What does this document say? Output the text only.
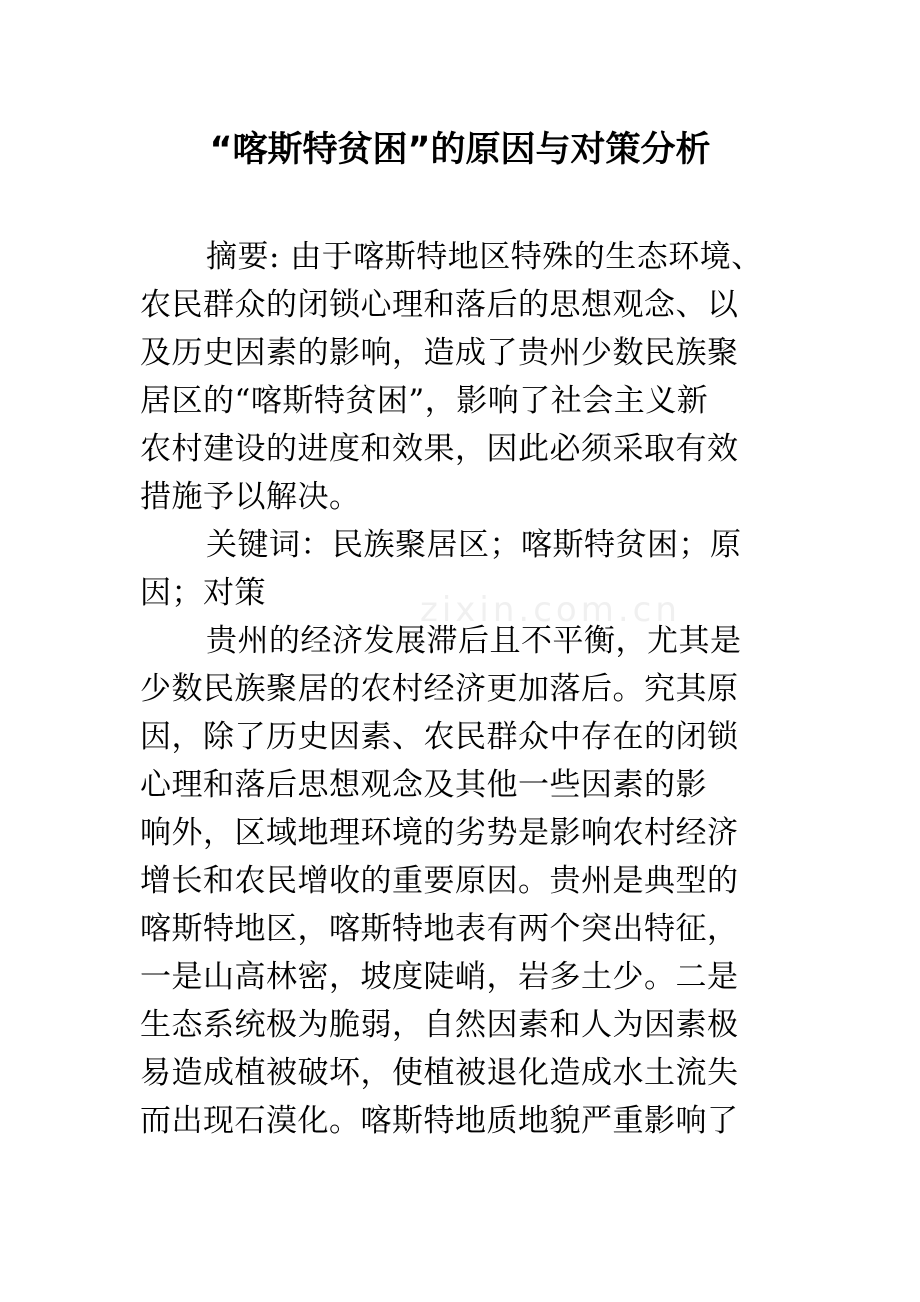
“喀斯特贫困”的原因与对策分析
zixin.com.cn
摘要: 由于喀斯特地区特殊的生态环境、
农民群众的闭锁心理和落后的思想观念、以
及历史因素的影响，造成了贵州少数民族聚
居区的“喀斯特贫困”，影响了社会主义新
农村建设的进度和效果，因此必须采取有效
措施予以解决。
关键词：民族聚居区；喀斯特贫困；原
因；对策
贵州的经济发展滞后且不平衡，尤其是
少数民族聚居的农村经济更加落后。究其原
因，除了历史因素、农民群众中存在的闭锁
心理和落后思想观念及其他一些因素的影
响外，区域地理环境的劣势是影响农村经济
增长和农民增收的重要原因。贵州是典型的
喀斯特地区，喀斯特地表有两个突出特征，
一是山高林密，坡度陡峭，岩多土少。二是
生态系统极为脆弱，自然因素和人为因素极
易造成植被破坏，使植被退化造成水土流失
而出现石漠化。喀斯特地质地貌严重影响了
